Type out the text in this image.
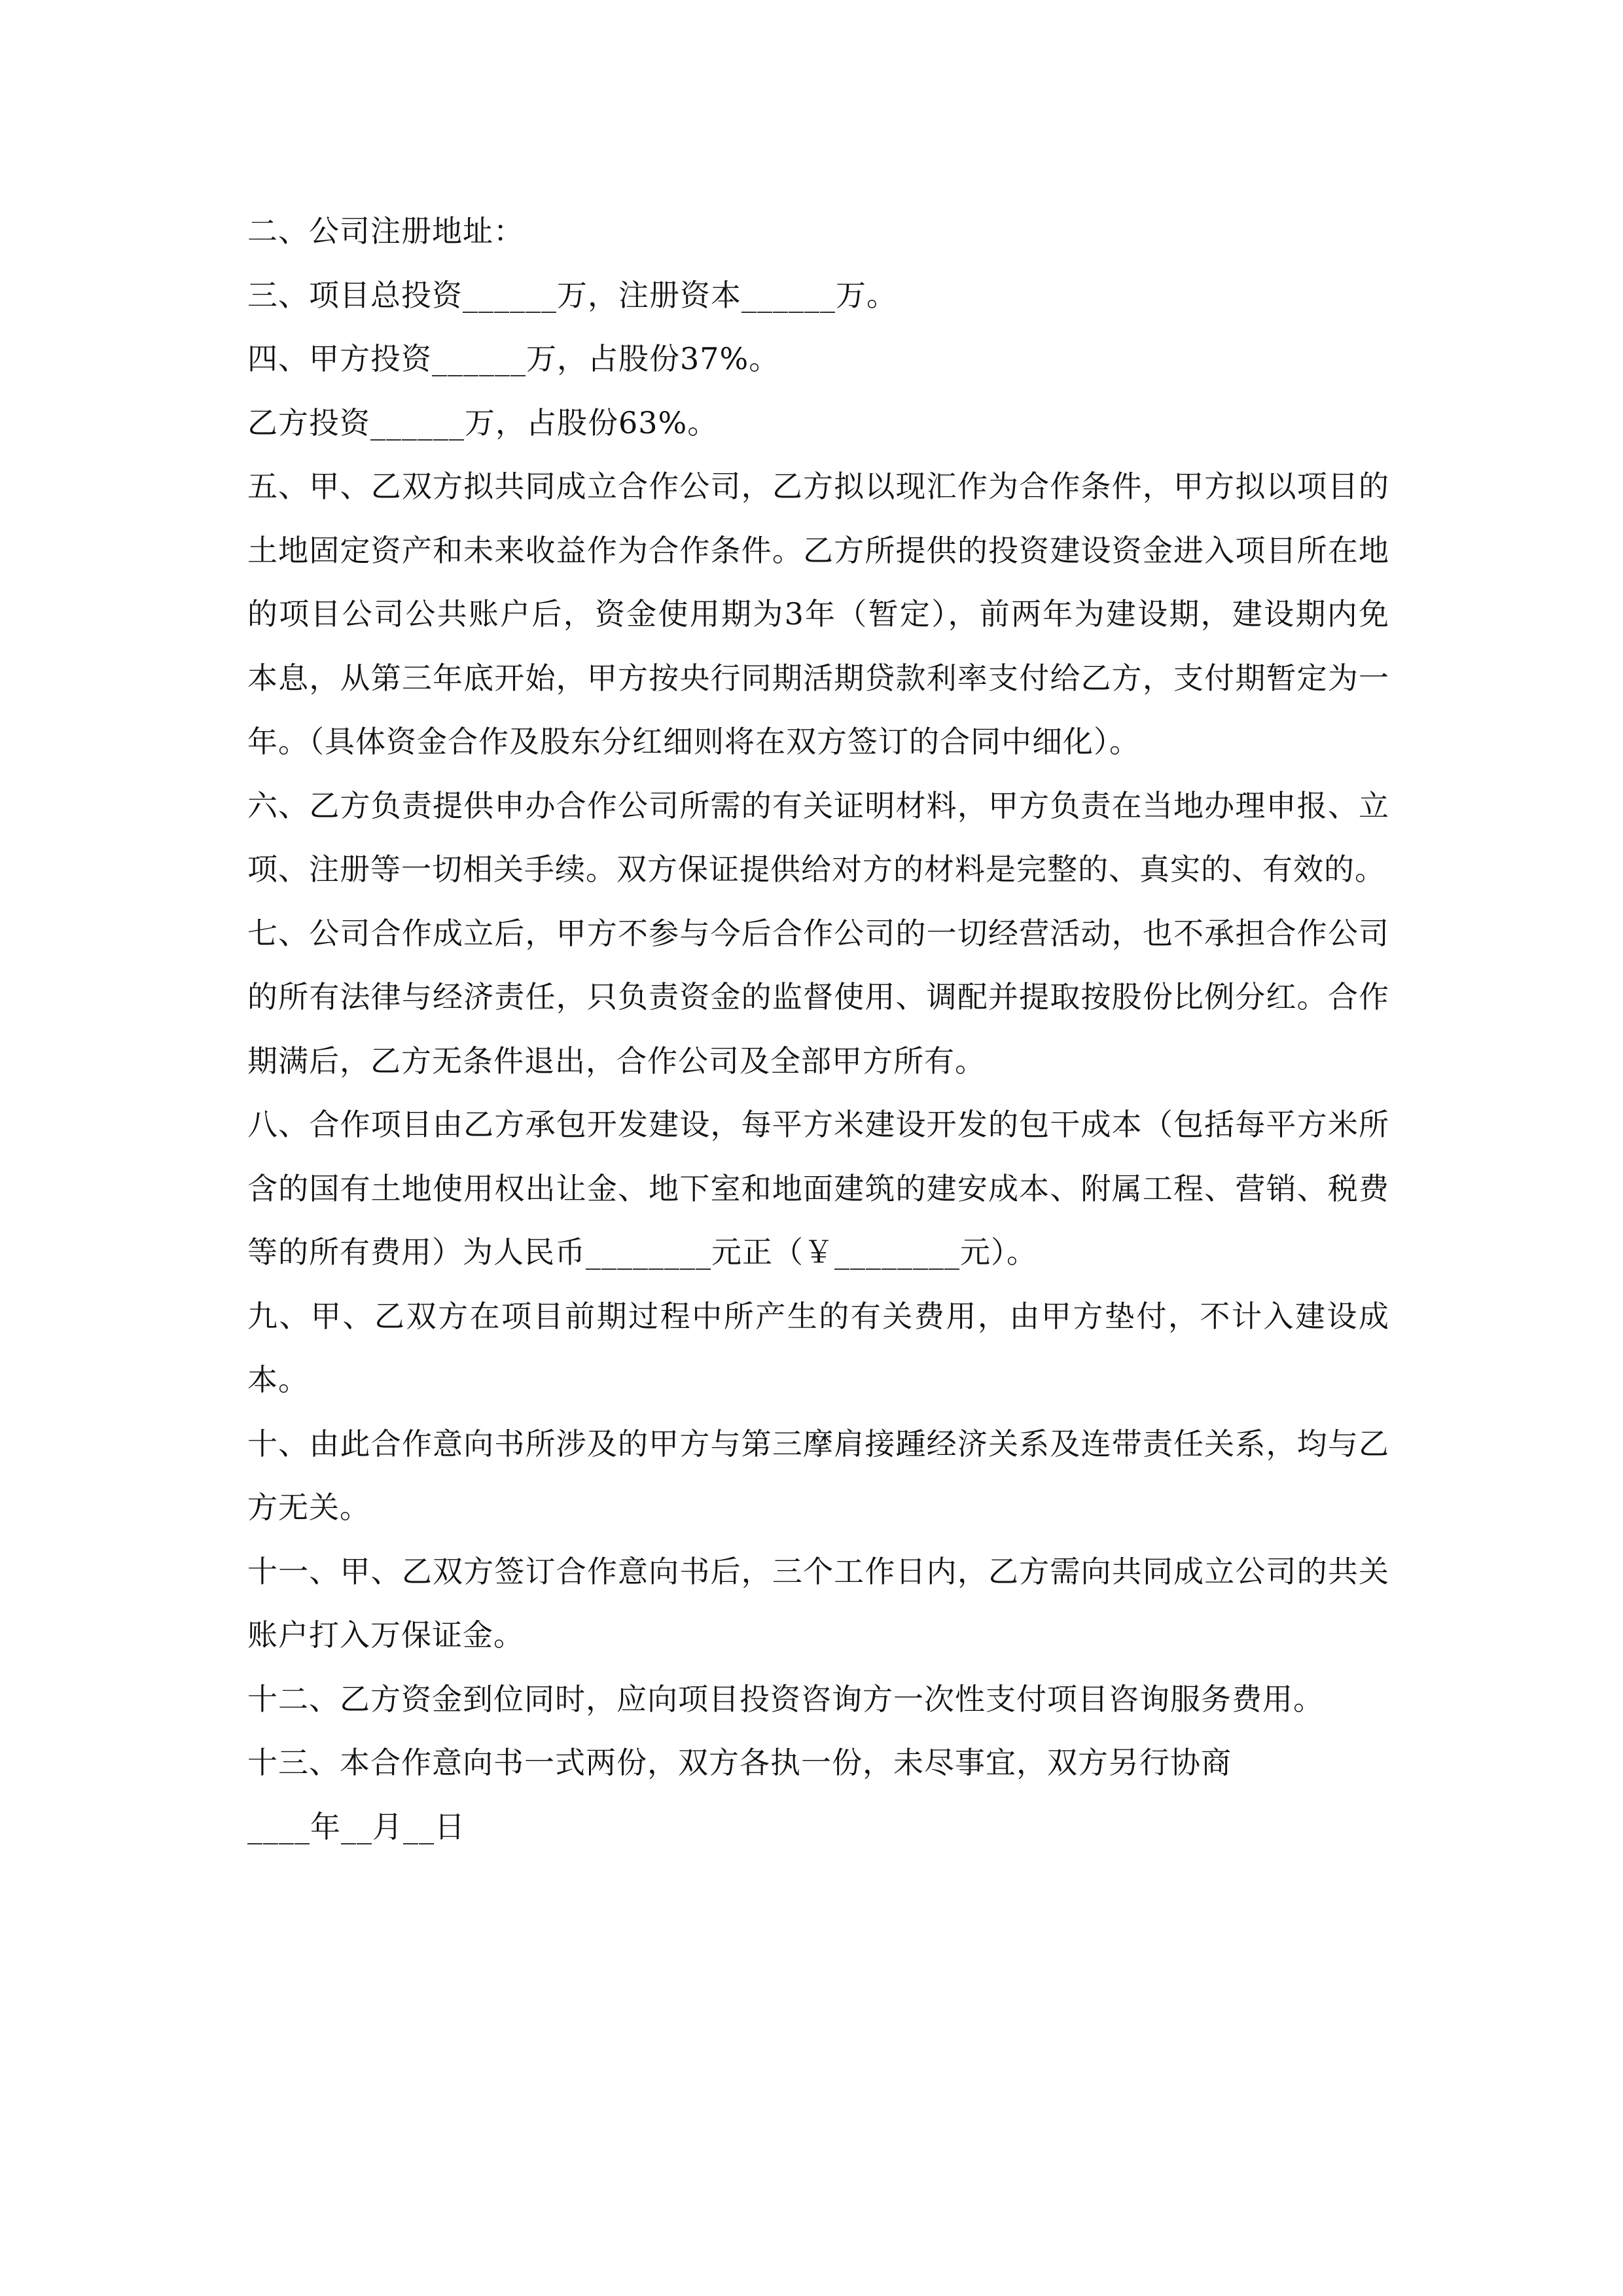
二、公司注册地址：

三、项目总投资______万，注册资本______万。

四、甲方投资______万，占股份37%。

乙方投资______万，占股份63%。

五、甲、乙双方拟共同成立合作公司，乙方拟以现汇作为合作条件，甲方拟以项目的土地固定资产和未来收益作为合作条件。乙方所提供的投资建设资金进入项目所在地的项目公司公共账户后，资金使用期为3年（暂定），前两年为建设期，建设期内免本息，从第三年底开始，甲方按央行同期活期贷款利率支付给乙方，支付期暂定为一年。（具体资金合作及股东分红细则将在双方签订的合同中细化）。

六、乙方负责提供申办合作公司所需的有关证明材料，甲方负责在当地办理申报、立项、注册等一切相关手续。双方保证提供给对方的材料是完整的、真实的、有效的。

七、公司合作成立后，甲方不参与今后合作公司的一切经营活动，也不承担合作公司的所有法律与经济责任，只负责资金的监督使用、调配并提取按股份比例分红。合作期满后，乙方无条件退出，合作公司及全部甲方所有。

八、合作项目由乙方承包开发建设，每平方米建设开发的包干成本（包括每平方米所含的国有土地使用权出让金、地下室和地面建筑的建安成本、附属工程、营销、税费等的所有费用）为人民币________元正（￥________元）。

九、甲、乙双方在项目前期过程中所产生的有关费用，由甲方垫付，不计入建设成本。

十、由此合作意向书所涉及的甲方与第三摩肩接踵经济关系及连带责任关系，均与乙方无关。

十一、甲、乙双方签订合作意向书后，三个工作日内，乙方需向共同成立公司的共关账户打入万保证金。

十二、乙方资金到位同时，应向项目投资咨询方一次性支付项目咨询服务费用。

十三、本合作意向书一式两份，双方各执一份，未尽事宜，双方另行协商

____年__月__日
